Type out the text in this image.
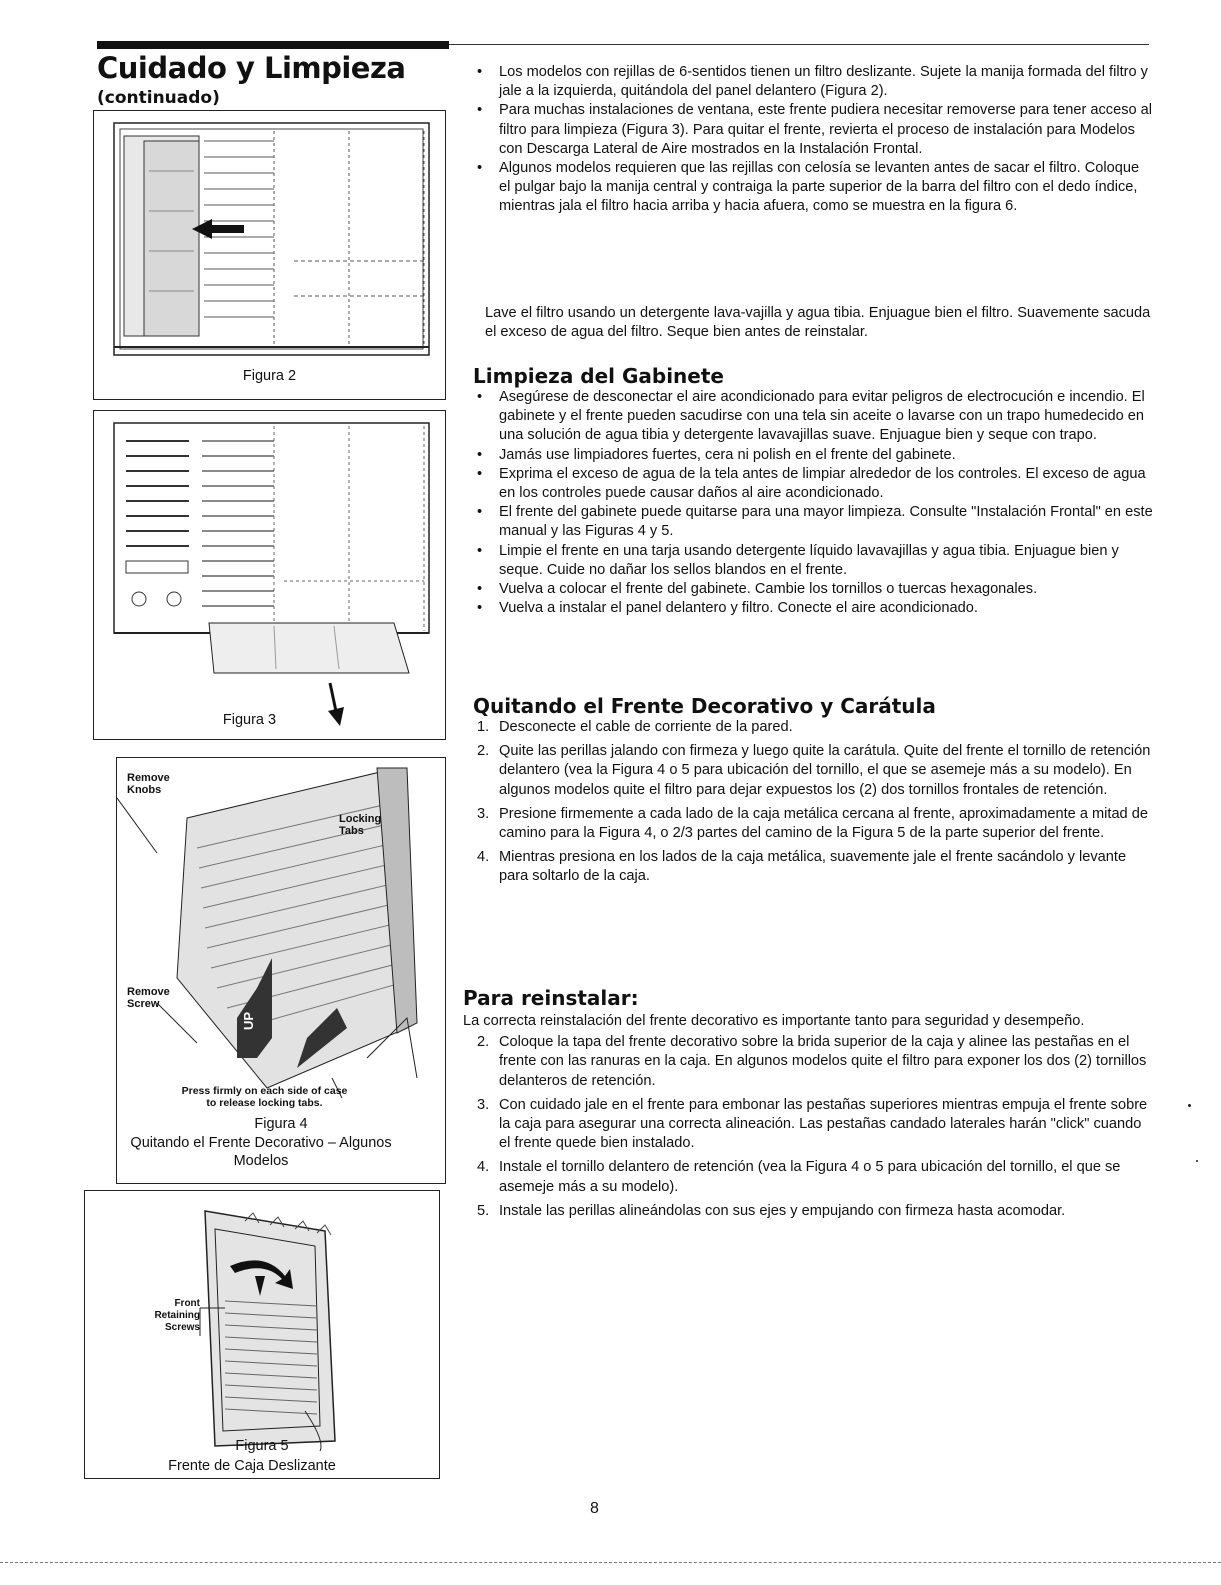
Cuidado y Limpieza
(continuado)
Figura 2
Figura 3
UP
Remove Knobs
Locking Tabs
Remove Screw
Press firmly on each side of case to release locking tabs.
Figura 4
Quitando el Frente Decorativo – Algunos Modelos
Front Retaining Screws
Figura 5
Frente de Caja Deslizante
• Los modelos con rejillas de 6-sentidos tienen un filtro deslizante. Sujete la manija formada del filtro y jale a la izquierda, quitándola del panel delantero (Figura 2).
• Para muchas instalaciones de ventana, este frente pudiera necesitar removerse para tener acceso al filtro para limpieza (Figura 3). Para quitar el frente, revierta el proceso de instalación para Modelos con Descarga Lateral de Aire mostrados en la Instalación Frontal.
• Algunos modelos requieren que las rejillas con celosía se levanten antes de sacar el filtro. Coloque el pulgar bajo la manija central y contraiga la parte superior de la barra del filtro con el dedo índice, mientras jala el filtro hacia arriba y hacia afuera, como se muestra en la figura 6.

Lave el filtro usando un detergente lava-vajilla y agua tibia. Enjuague bien el filtro. Suavemente sacuda el exceso de agua del filtro. Seque bien antes de reinstalar.

Limpieza del Gabinete
• Asegúrese de desconectar el aire acondicionado para evitar peligros de electrocución e incendio. El gabinete y el frente pueden sacudirse con una tela sin aceite o lavarse con un trapo humedecido en una solución de agua tibia y detergente lavavajillas suave. Enjuague bien y seque con trapo.
• Jamás use limpiadores fuertes, cera ni polish en el frente del gabinete.
• Exprima el exceso de agua de la tela antes de limpiar alrededor de los controles. El exceso de agua en los controles puede causar daños al aire acondicionado.
• El frente del gabinete puede quitarse para una mayor limpieza. Consulte "Instalación Frontal" en este manual y las Figuras 4 y 5.
• Limpie el frente en una tarja usando detergente líquido lavavajillas y agua tibia. Enjuague bien y seque. Cuide no dañar los sellos blandos en el frente.
• Vuelva a colocar el frente del gabinete. Cambie los tornillos o tuercas hexagonales.
• Vuelva a instalar el panel delantero y filtro. Conecte el aire acondicionado.
Quitando el Frente Decorativo y Carátula
1. Desconecte el cable de corriente de la pared.
2. Quite las perillas jalando con firmeza y luego quite la carátula. Quite del frente el tornillo de retención delantero (vea la Figura 4 o 5 para ubicación del tornillo, el que se asemeje más a su modelo). En algunos modelos quite el filtro para dejar expuestos los (2) dos tornillos frontales de retención.
3. Presione firmemente a cada lado de la caja metálica cercana al frente, aproximadamente a mitad de camino para la Figura 4, o 2/3 partes del camino de la Figura 5 de la parte superior del frente.
4. Mientras presiona en los lados de la caja metálica, suavemente jale el frente sacándolo y levante para soltarlo de la caja.
Para reinstalar:

La correcta reinstalación del frente decorativo es importante tanto para seguridad y desempeño.

2. Coloque la tapa del frente decorativo sobre la brida superior de la caja y alinee las pestañas en el frente con las ranuras en la caja. En algunos modelos quite el filtro para exponer los dos (2) tornillos delanteros de retención.
3. Con cuidado jale en el frente para embonar las pestañas superiores mientras empuja el frente sobre la caja para asegurar una correcta alineación. Las pestañas candado laterales harán "click" cuando el frente quede bien instalado.
4. Instale el tornillo delantero de retención (vea la Figura 4 o 5 para ubicación del tornillo, el que se asemeje más a su modelo).
5. Instale las perillas alineándolas con sus ejes y empujando con firmeza hasta acomodar.
8
